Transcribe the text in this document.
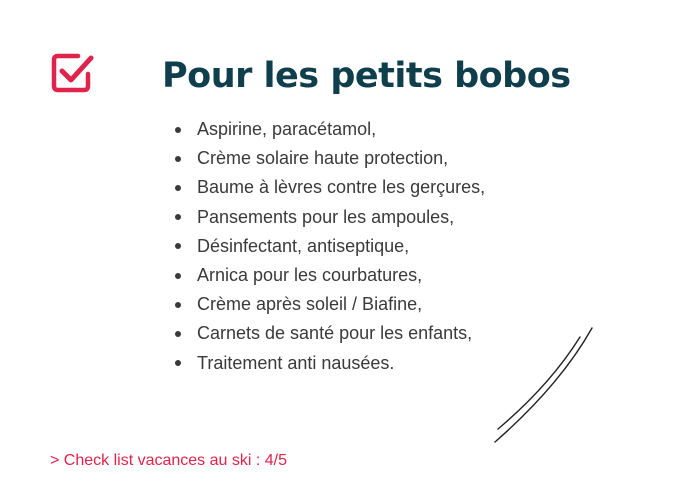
Pour les petits bobos
Aspirine, paracétamol,
Crème solaire haute protection,
Baume à lèvres contre les gerçures,
Pansements pour les ampoules,
Désinfectant, antiseptique,
Arnica pour les courbatures,
Crème après soleil / Biafine,
Carnets de santé pour les enfants,
Traitement anti nausées.

> Check list vacances au ski : 4/5
